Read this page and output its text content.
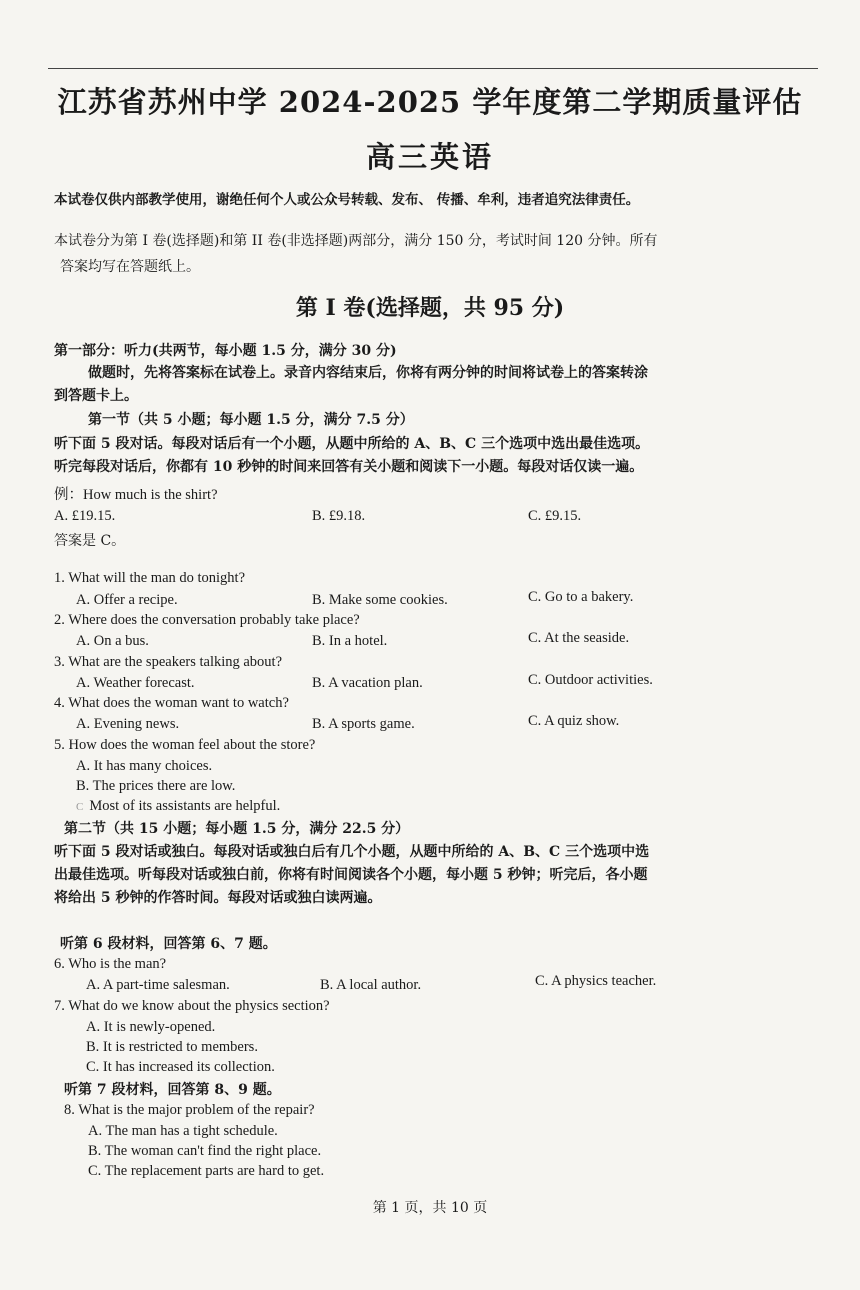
江苏省苏州中学 2024-2025 学年度第二学期质量评估
高三英语
本试卷仅供内部教学使用，谢绝任何个人或公众号转载、发布、 传播、牟利，违者追究法律责任。
本试卷分为第 I 卷(选择题)和第 II 卷(非选择题)两部分，满分 150 分，考试时间 120 分钟。所有
答案均写在答题纸上。
第 I 卷(选择题，共 95 分)
第一部分：听力(共两节，每小题 1.5 分，满分 30 分)
做题时，先将答案标在试卷上。录音内容结束后，你将有两分钟的时间将试卷上的答案转涂
到答题卡上。
第一节（共 5 小题；每小题 1.5 分，满分 7.5 分）
听下面 5 段对话。每段对话后有一个小题，从题中所给的 A、B、C 三个选项中选出最佳选项。
听完每段对话后，你都有 10 秒钟的时间来回答有关小题和阅读下一小题。每段对话仅读一遍。
例：How much is the shirt?
A. £19.15.	B. £9.18.	C. £9.15.
答案是 C。
1. What will the man do tonight?
A. Offer a recipe.	B. Make some cookies.	C. Go to a bakery.
2. Where does the conversation probably take place?
A. On a bus.	B. In a hotel.	C. At the seaside.
3. What are the speakers talking about?
A. Weather forecast.	B. A vacation plan.	C. Outdoor activities.
4. What does the woman want to watch?
A. Evening news.	B. A sports game.	C. A quiz show.
5. How does the woman feel about the store?
A. It has many choices.
B. The prices there are low.
C Most of its assistants are helpful.
第二节（共 15 小题；每小题 1.5 分，满分 22.5 分）
听下面 5 段对话或独白。每段对话或独白后有几个小题，从题中所给的 A、B、C 三个选项中选
出最佳选项。听每段对话或独白前，你将有时间阅读各个小题，每小题 5 秒钟；听完后，各小题
将给出 5 秒钟的作答时间。每段对话或独白读两遍。
听第 6 段材料，回答第 6、7 题。
6. Who is the man?
A. A part-time salesman.	B. A local author.	C. A physics teacher.
7. What do we know about the physics section?
A. It is newly-opened.
B. It is restricted to members.
C. It has increased its collection.
听第 7 段材料，回答第 8、9 题。
8. What is the major problem of the repair?
A. The man has a tight schedule.
B. The woman can't find the right place.
C. The replacement parts are hard to get.
第 1 页，共 10 页
